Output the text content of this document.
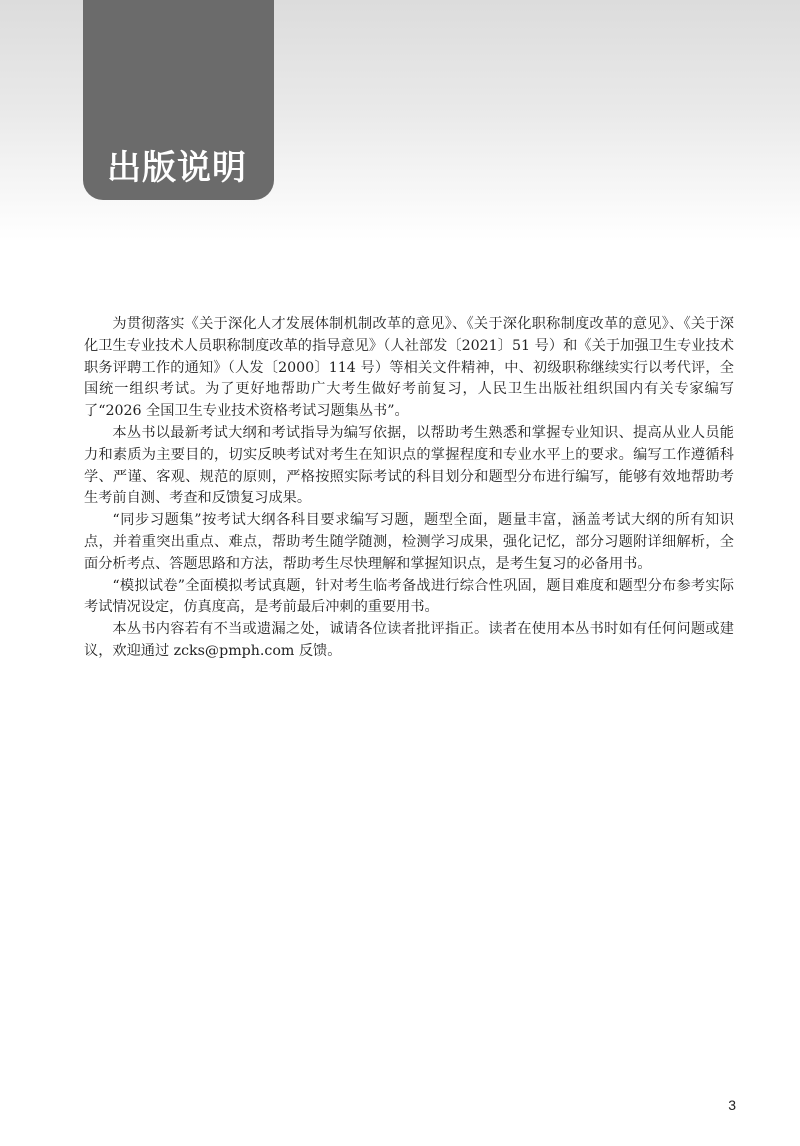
出版说明

为贯彻落实《关于深化人才发展体制机制改革的意见》、《关于深化职称制度改革的意见》、《关于深化卫生专业技术人员职称制度改革的指导意见》（人社部发〔2021〕51 号）和《关于加强卫生专业技术职务评聘工作的通知》（人发〔2000〕114 号）等相关文件精神，中、初级职称继续实行以考代评，全国统一组织考试。为了更好地帮助广大考生做好考前复习，人民卫生出版社组织国内有关专家编写了“2026 全国卫生专业技术资格考试习题集丛书”。

本丛书以最新考试大纲和考试指导为编写依据，以帮助考生熟悉和掌握专业知识、提高从业人员能力和素质为主要目的，切实反映考试对考生在知识点的掌握程度和专业水平上的要求。编写工作遵循科学、严谨、客观、规范的原则，严格按照实际考试的科目划分和题型分布进行编写，能够有效地帮助考生考前自测、考查和反馈复习成果。

“同步习题集”按考试大纲各科目要求编写习题，题型全面，题量丰富，涵盖考试大纲的所有知识点，并着重突出重点、难点，帮助考生随学随测，检测学习成果，强化记忆，部分习题附详细解析，全面分析考点、答题思路和方法，帮助考生尽快理解和掌握知识点，是考生复习的必备用书。

“模拟试卷”全面模拟考试真题，针对考生临考备战进行综合性巩固，题目难度和题型分布参考实际考试情况设定，仿真度高，是考前最后冲刺的重要用书。

本丛书内容若有不当或遗漏之处，诚请各位读者批评指正。读者在使用本丛书时如有任何问题或建议，欢迎通过 zcks@pmph.com 反馈。

3
